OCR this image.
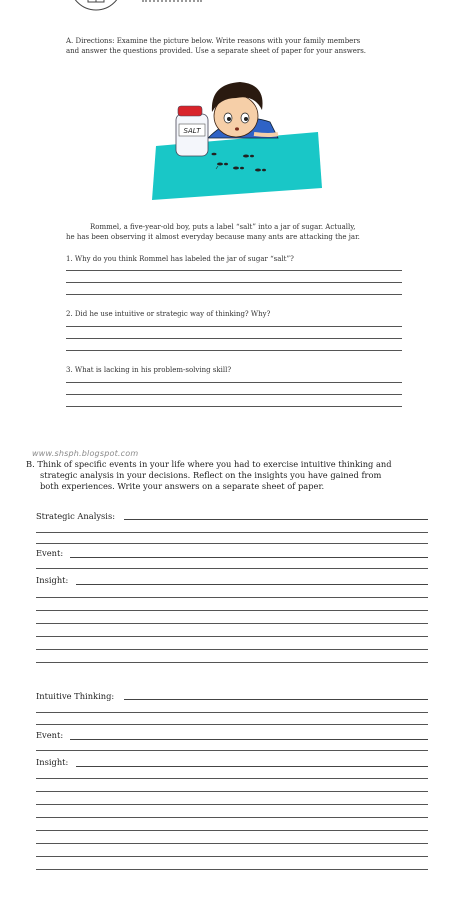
A. Directions: Examine the picture below. Write reasons with your family members
and answer the questions provided. Use a separate sheet of paper for your answers.
SALT
Rommel, a five-year-old boy, puts a label “salt” into a jar of sugar. Actually,
he has been observing it almost everyday because many ants are attacking the jar.
1. Why do you think Rommel has labeled the jar of sugar “salt”?
2. Did he use intuitive or strategic way of thinking? Why?
3. What is lacking in his problem-solving skill?
www.shsph.blogspot.com
B. Think of specific events in your life where you had to exercise intuitive thinking and
strategic analysis in your decisions. Reflect on the insights you have gained from
both experiences. Write your answers on a separate sheet of paper.
Strategic Analysis:
Event:
Insight:
Intuitive Thinking:
Event:
Insight:
